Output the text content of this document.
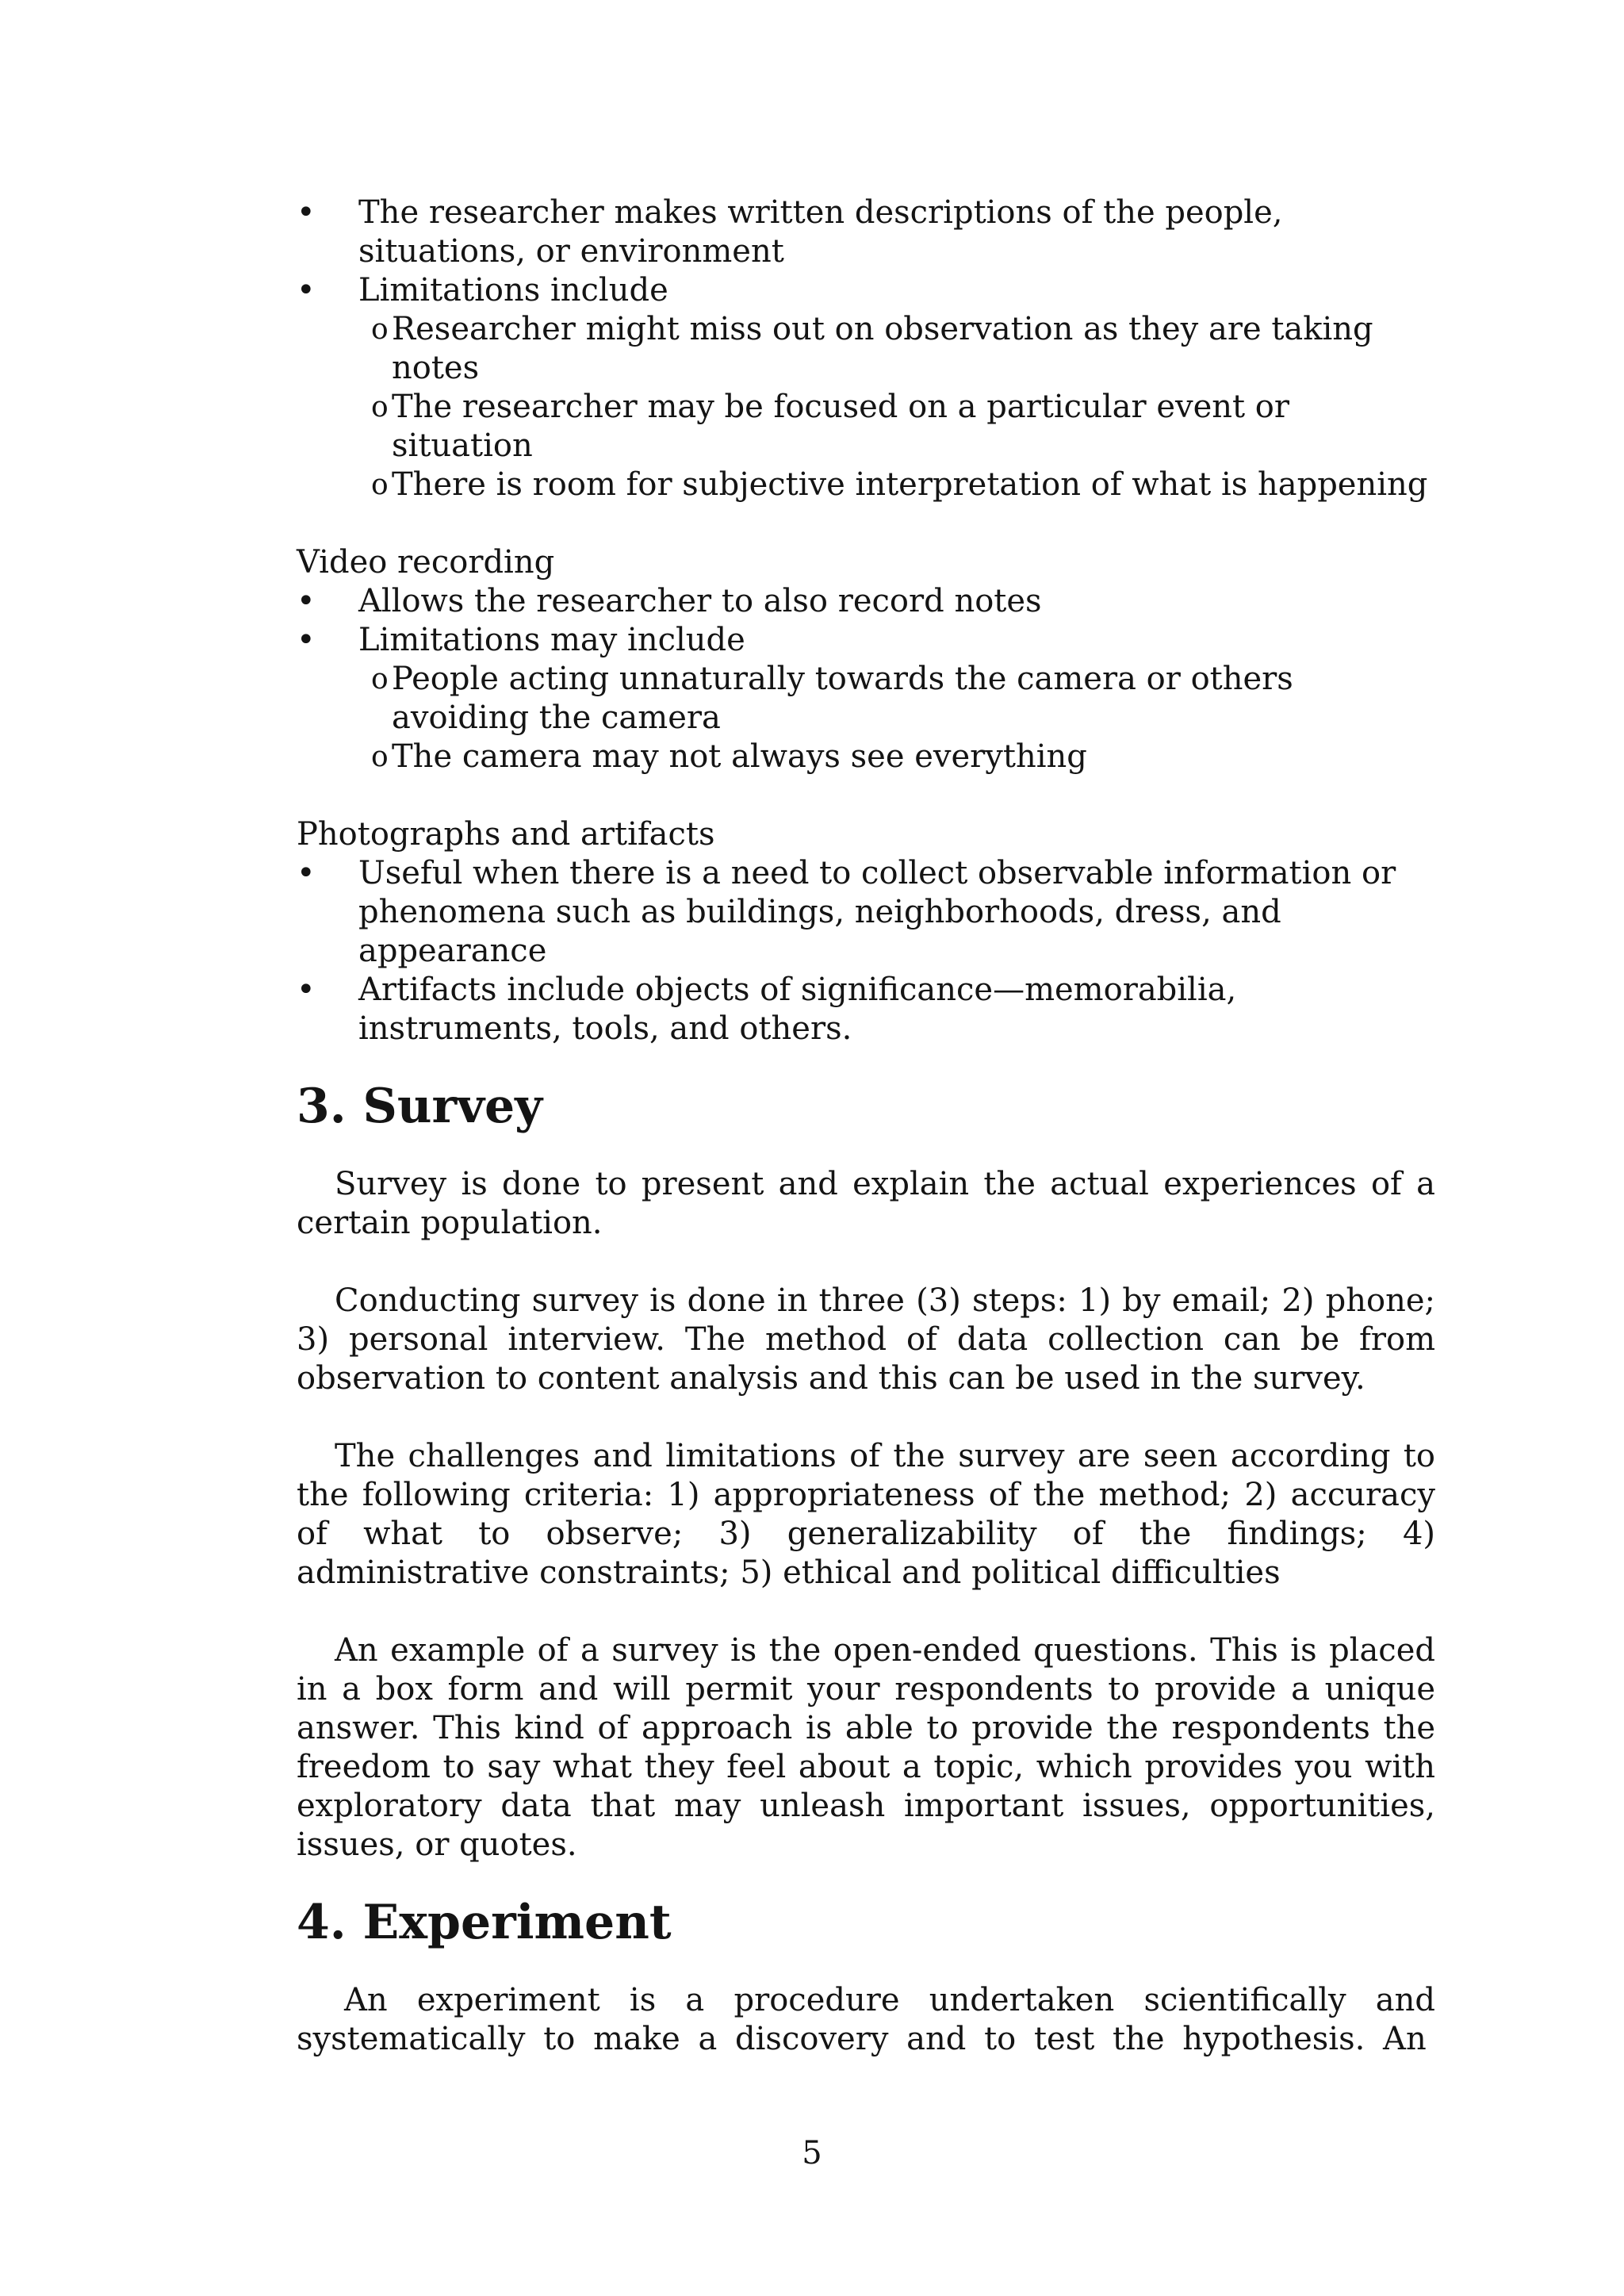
• The researcher makes written descriptions of the people, situations, or environment
• Limitations include
o Researcher might miss out on observation as they are taking notes
o The researcher may be focused on a particular event or situation
o There is room for subjective interpretation of what is happening

Video recording

• Allows the researcher to also record notes
• Limitations may include
o People acting unnaturally towards the camera or others avoiding the camera
o The camera may not always see everything

Photographs and artifacts

• Useful when there is a need to collect observable information or phenomena such as buildings, neighborhoods, dress, and appearance
• Artifacts include objects of significance—memorabilia, instruments, tools, and others.
3. Survey

Survey is done to present and explain the actual experiences of a certain population.

Conducting survey is done in three (3) steps: 1) by email; 2) phone; 3) personal interview. The method of data collection can be from observation to content analysis and this can be used in the survey.

The challenges and limitations of the survey are seen according to the following criteria: 1) appropriateness of the method; 2) accuracy of what to observe; 3) generalizability of the findings; 4) administrative constraints; 5) ethical and political difficulties

An example of a survey is the open-ended questions. This is placed in a box form and will permit your respondents to provide a unique answer. This kind of approach is able to provide the respondents the freedom to say what they feel about a topic, which provides you with exploratory data that may unleash important issues, opportunities, issues, or quotes.

4. Experiment

An experiment is a procedure undertaken scientifically and systematically to make a discovery and to test the hypothesis. An

5
